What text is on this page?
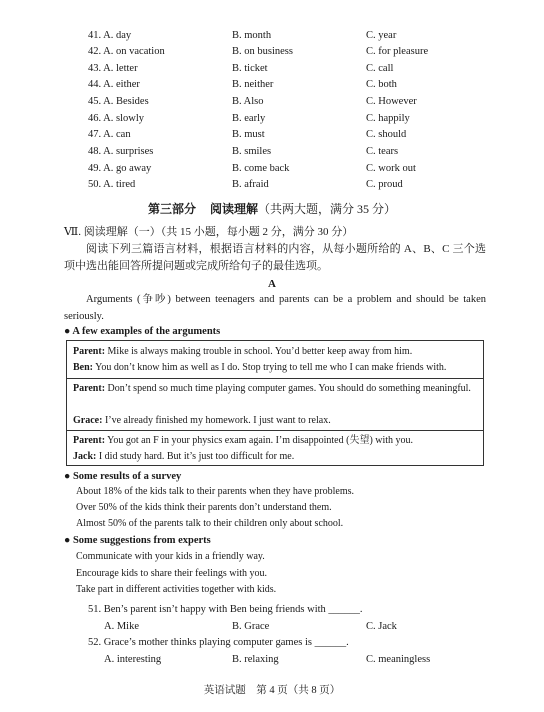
41. A. day	B. month	C. year
42. A. on vacation	B. on business	C. for pleasure
43. A. letter	B. ticket	C. call
44. A. either	B. neither	C. both
45. A. Besides	B. Also	C. However
46. A. slowly	B. early	C. happily
47. A. can	B. must	C. should
48. A. surprises	B. smiles	C. tears
49. A. go away	B. come back	C. work out
50. A. tired	B. afraid	C. proud
第三部分 阅读理解（共两大题，满分 35 分）
Ⅶ. 阅读理解（一）（共 15 小题，每小题 2 分，满分 30 分）
阅读下列三篇语言材料，根据语言材料的内容，从每小题所给的 A、B、C 三个选项中选出能回答所提问题或完成所给句子的最佳选项。
A
Arguments (争吵) between teenagers and parents can be a problem and should be taken seriously.
● A few examples of the arguments
Parent: Mike is always making trouble in school. You’d better keep away from him.
Ben: You don’t know him as well as I do. Stop trying to tell me who I can make friends with.
Parent: Don’t spend so much time playing computer games. You should do something meaningful.
Grace: I’ve already finished my homework. I just want to relax.
Parent: You got an F in your physics exam again. I’m disappointed (失望) with you.
Jack: I did study hard. But it’s just too difficult for me.
● Some results of a survey
About 18% of the kids talk to their parents when they have problems.
Over 50% of the kids think their parents don’t understand them.
Almost 50% of the parents talk to their children only about school.
● Some suggestions from experts
Communicate with your kids in a friendly way.
Encourage kids to share their feelings with you.
Take part in different activities together with kids.
51. Ben’s parent isn’t happy with Ben being friends with ______.
A. Mike	B. Grace	C. Jack
52. Grace’s mother thinks playing computer games is ______.
A. interesting	B. relaxing	C. meaningless
英语试题　第 4 页（共 8 页）
